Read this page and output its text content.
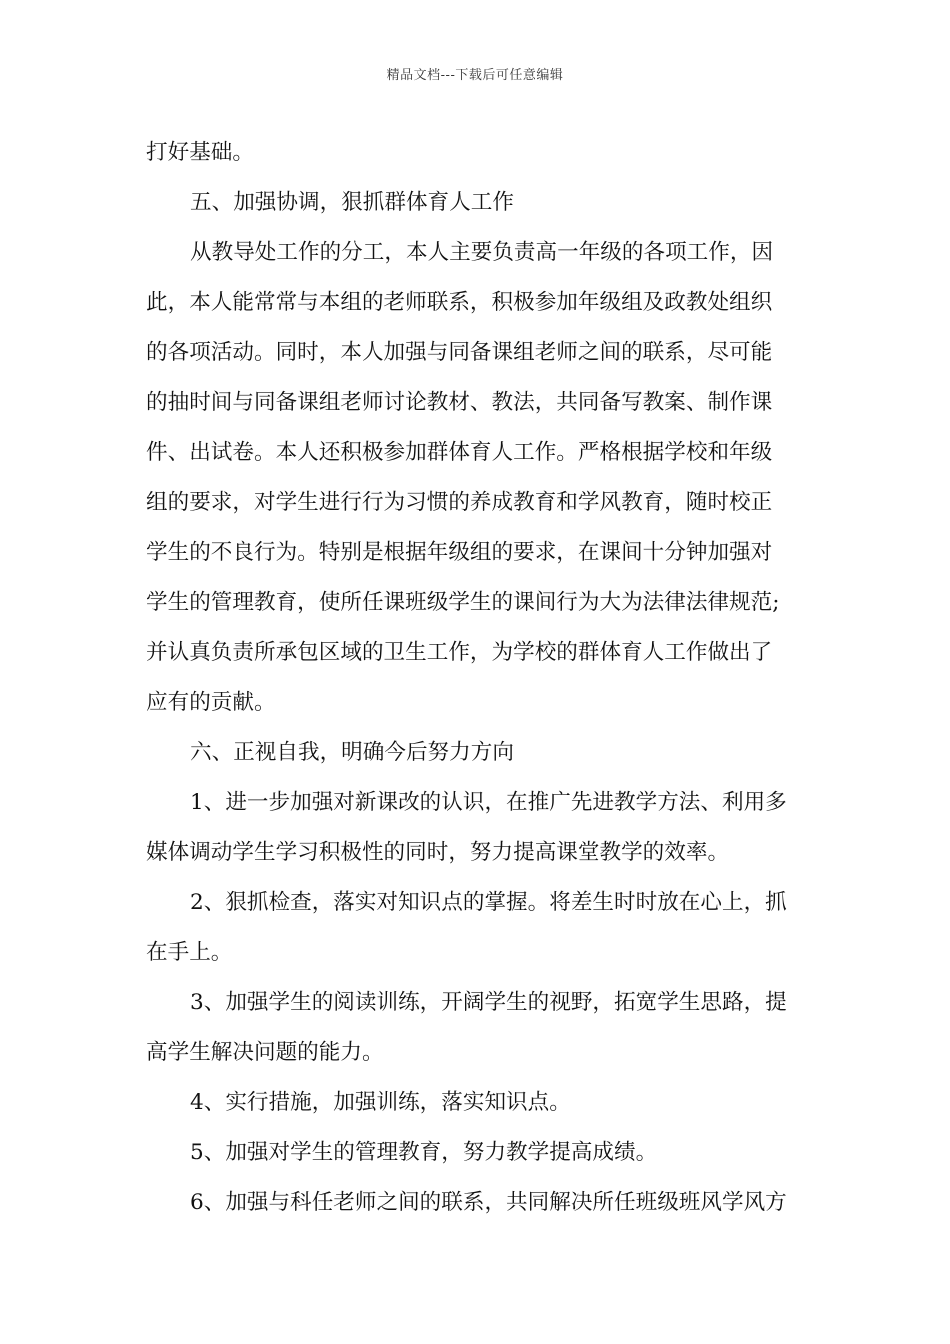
精品文档---下载后可任意编辑
打好基础。
五、加强协调，狠抓群体育人工作
从教导处工作的分工，本人主要负责高一年级的各项工作，因
此，本人能常常与本组的老师联系，积极参加年级组及政教处组织
的各项活动。同时，本人加强与同备课组老师之间的联系，尽可能
的抽时间与同备课组老师讨论教材、教法，共同备写教案、制作课
件、出试卷。本人还积极参加群体育人工作。严格根据学校和年级
组的要求，对学生进行行为习惯的养成教育和学风教育，随时校正
学生的不良行为。特别是根据年级组的要求，在课间十分钟加强对
学生的管理教育，使所任课班级学生的课间行为大为法律法律规范;
并认真负责所承包区域的卫生工作，为学校的群体育人工作做出了
应有的贡献。
六、正视自我，明确今后努力方向
1、进一步加强对新课改的认识，在推广先进教学方法、利用多
媒体调动学生学习积极性的同时，努力提高课堂教学的效率。
2、狠抓检查，落实对知识点的掌握。将差生时时放在心上，抓
在手上。
3、加强学生的阅读训练，开阔学生的视野，拓宽学生思路，提
高学生解决问题的能力。
4、实行措施，加强训练，落实知识点。
5、加强对学生的管理教育，努力教学提高成绩。
6、加强与科任老师之间的联系，共同解决所任班级班风学风方
